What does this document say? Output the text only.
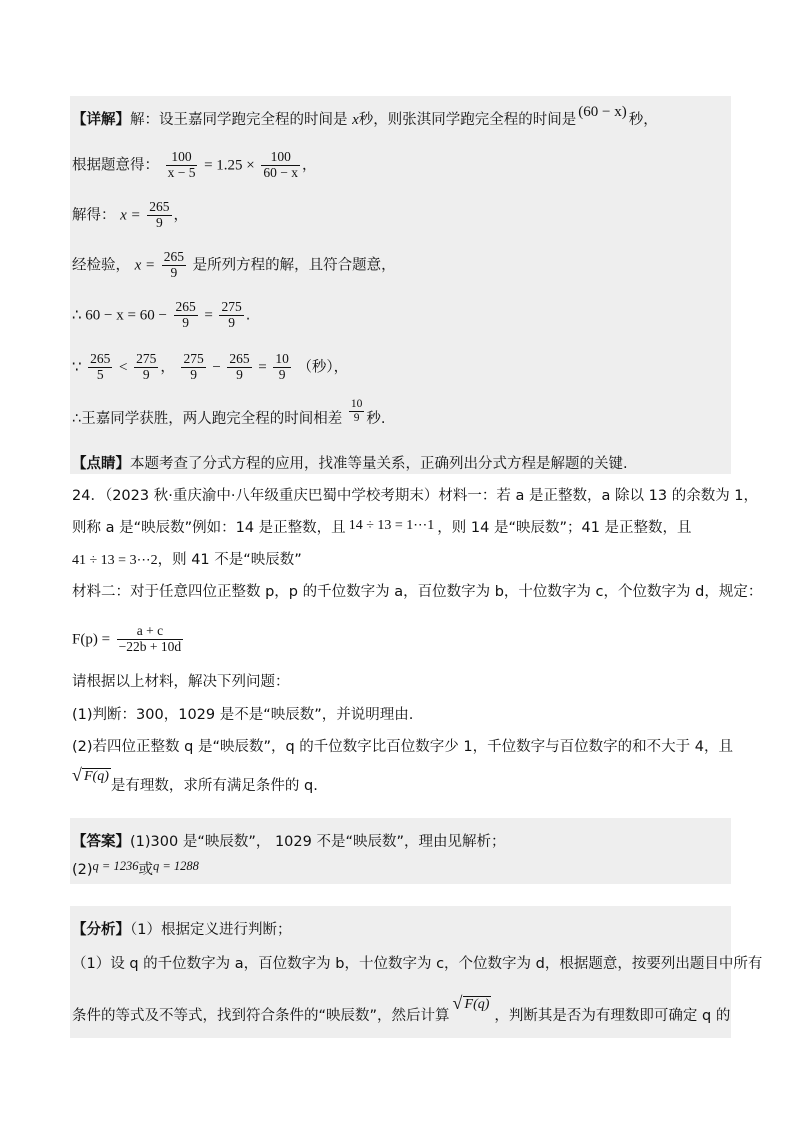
【详解】解：设王嘉同学跑完全程的时间是 x秒，则张淇同学跑完全程的时间是 (60 − x) 秒，
根据题意得： $\frac{100}{x - 5} = 1.25 \times \frac{100}{60 - x}$ ，
解得： $x = \frac{265}{9}$ ，
经检验， $x = \frac{265}{9}$ 是所列方程的解，且符合题意，
∴ $60 - x = 60 - \frac{265}{9} = \frac{275}{9}$ .
∵ $\frac{265}{5} < \frac{275}{9}$ ， $\frac{275}{9} - \frac{265}{9} = \frac{10}{9}$ （秒），
∴王嘉同学获胜，两人跑完全程的时间相差 $\frac{10}{9}$ 秒.
【点睛】本题考查了分式方程的应用，找准等量关系，正确列出分式方程是解题的关键.
24．（2023 秋·重庆渝中·八年级重庆巴蜀中学校考期末）材料一：若 a 是正整数，a 除以 13 的余数为 1，
则称 a 是“映辰数”例如：14 是正整数，且 14 ÷ 13 = 1⋯1 ，则 14 是“映辰数”；41 是正整数，且
41 ÷ 13 = 3⋯2，则 41 不是“映辰数”
材料二：对于任意四位正整数 p，p 的千位数字为 a，百位数字为 b，十位数字为 c，个位数字为 d，规定：
$F(p) = \frac{a + c}{-22b + 10d}$
请根据以上材料，解决下列问题：
(1)判断：300，1029 是不是“映辰数”，并说明理由.
(2)若四位正整数 q 是“映辰数”，q 的千位数字比百位数字少 1，千位数字与百位数字的和不大于 4，且
√ F(q)是有理数，求所有满足条件的 q.
【答案】(1)300 是“映辰数”， 1029 不是“映辰数”，理由见解析；
(2)q = 1236或q = 1288
【分析】（1）根据定义进行判断；
（1）设 q 的千位数字为 a，百位数字为 b，十位数字为 c，个位数字为 d，根据题意，按要列出题目中所有
条件的等式及不等式，找到符合条件的“映辰数”，然后计算
√ F(q)，判断其是否为有理数即可确定 q 的
